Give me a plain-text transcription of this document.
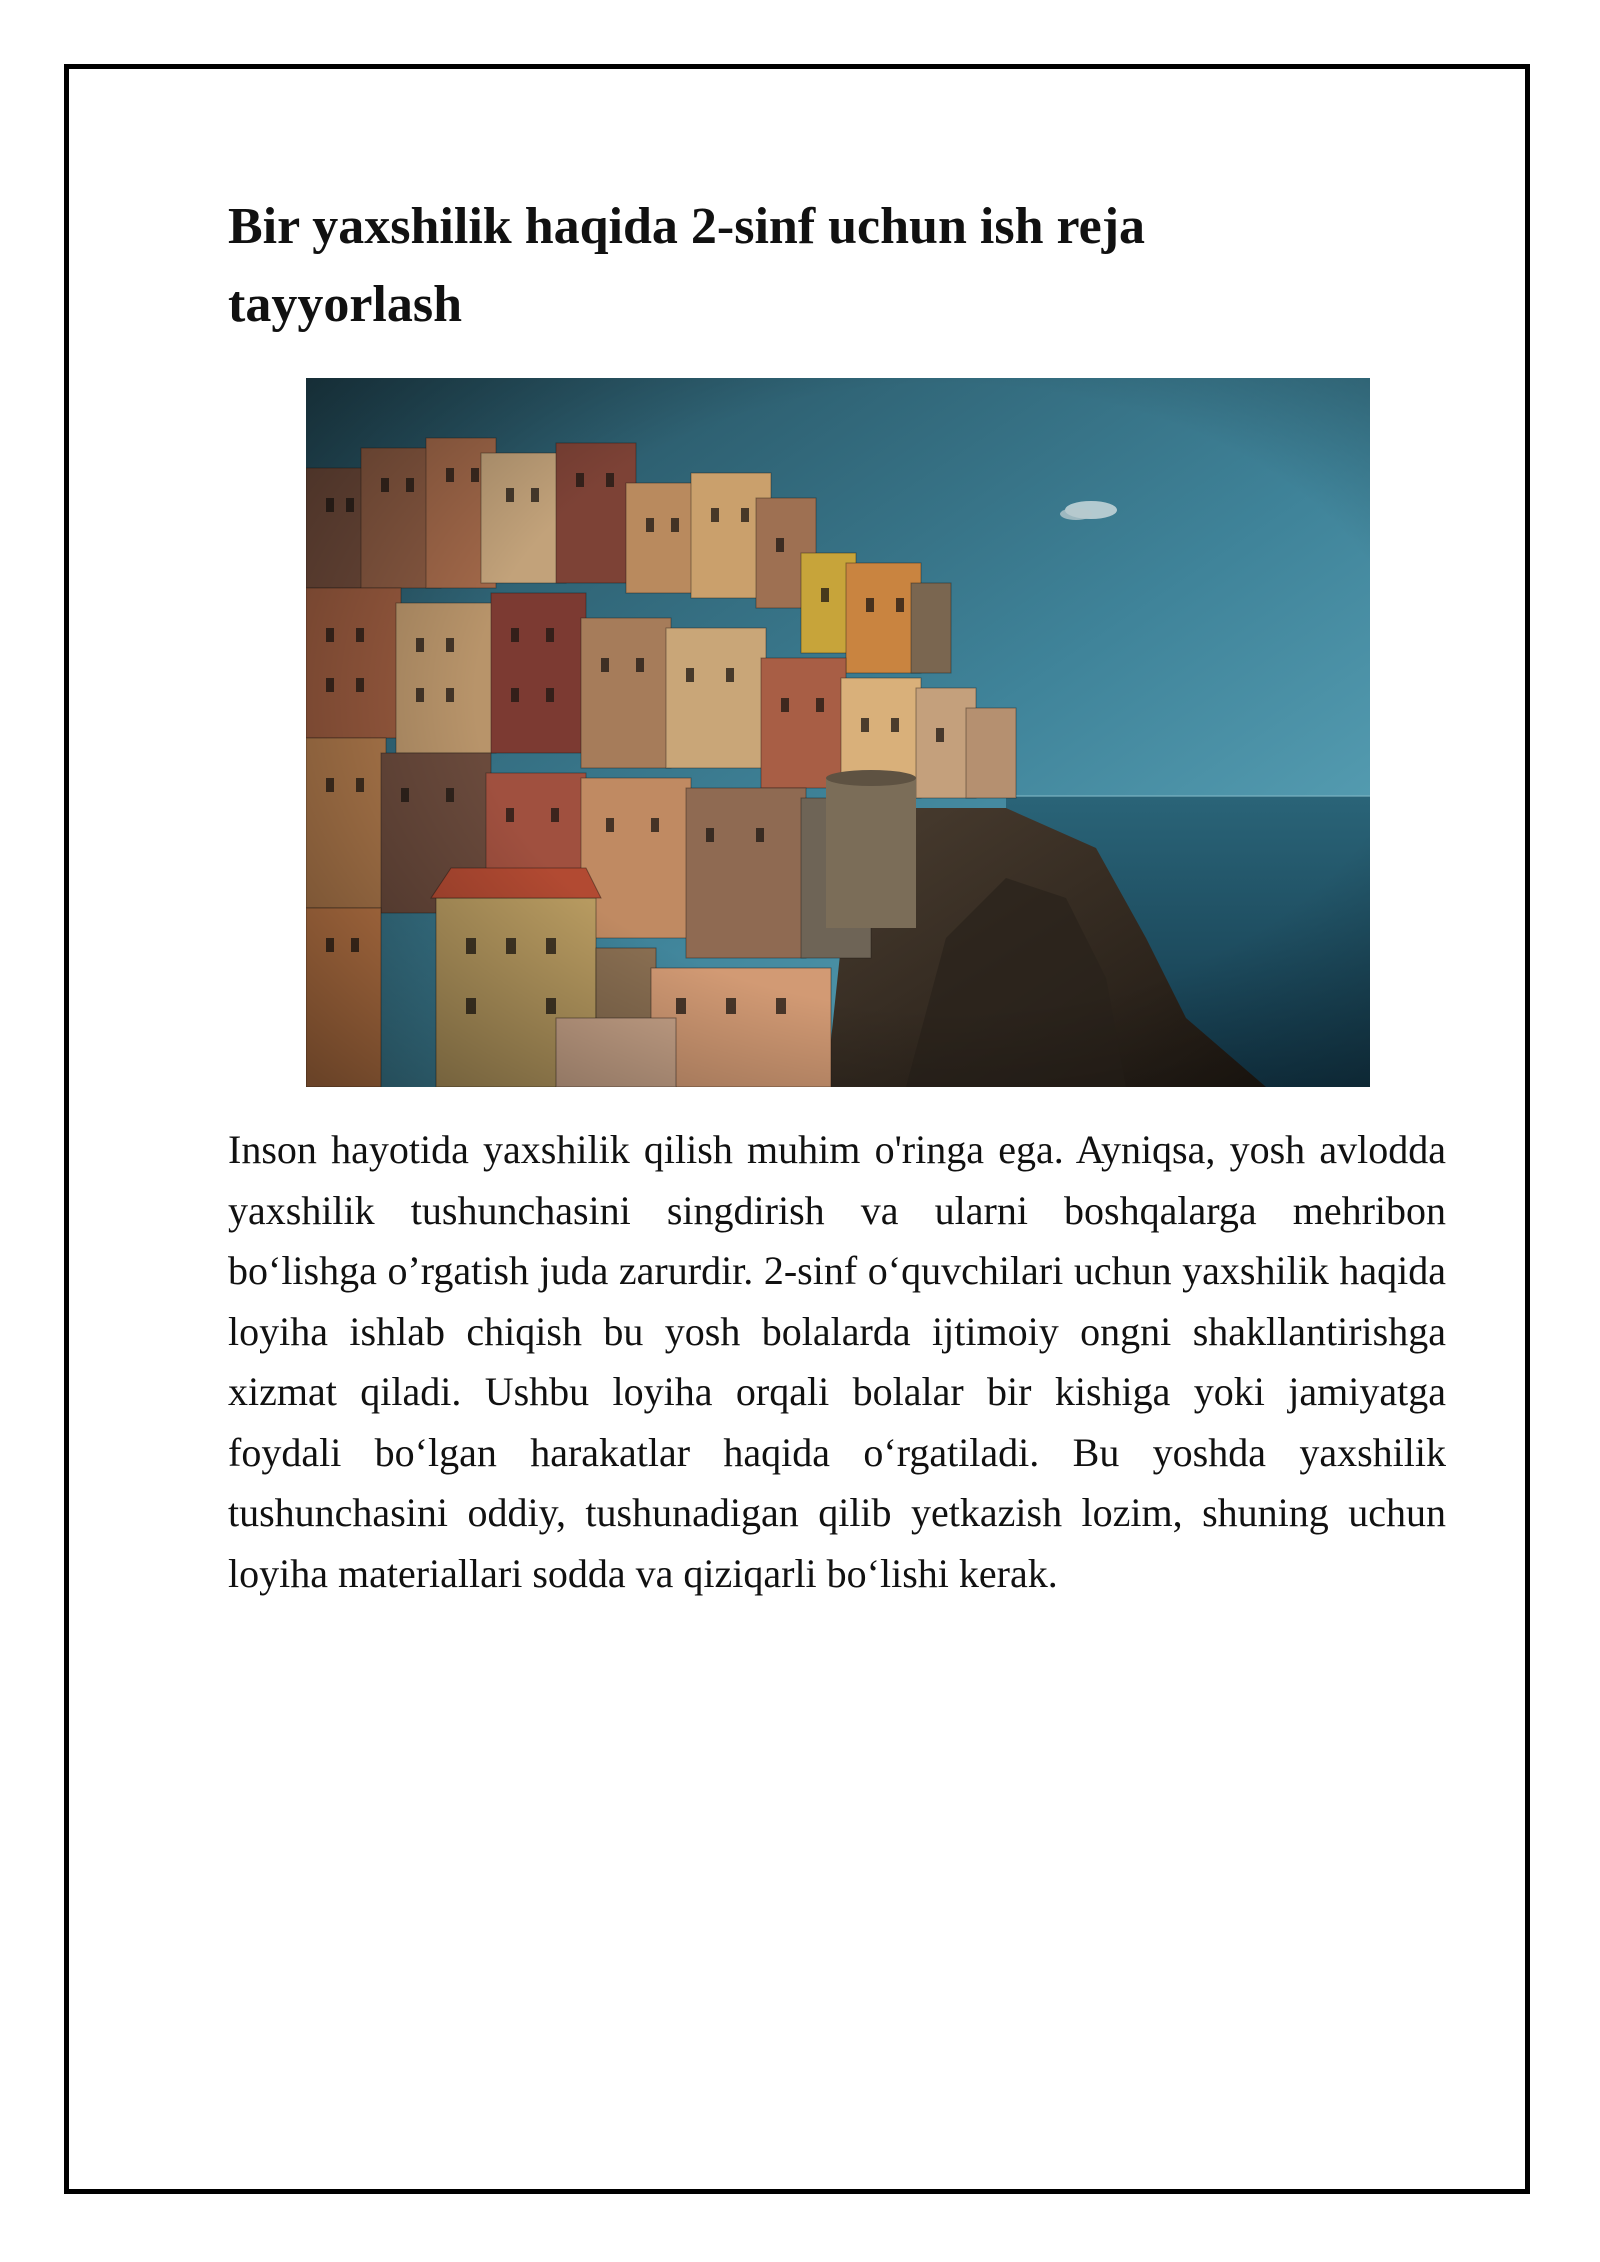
Bir yaxshilik haqida 2-sinf uchun ish reja tayyorlash

Inson hayotida yaxshilik qilish muhim o'ringa ega. Ayniqsa, yosh avlodda yaxshilik tushunchasini singdirish va ularni boshqalarga mehribon bo‘lishga o’rgatish juda zarurdir. 2-sinf o‘quvchilari uchun yaxshilik haqida loyiha ishlab chiqish bu yosh bolalarda ijtimoiy ongni shakllantirishga xizmat qiladi. Ushbu loyiha orqali bolalar bir kishiga yoki jamiyatga foydali bo‘lgan harakatlar haqida o‘rgatiladi. Bu yoshda yaxshilik tushunchasini oddiy, tushunadigan qilib yetkazish lozim, shuning uchun loyiha materiallari sodda va qiziqarli bo‘lishi kerak.
